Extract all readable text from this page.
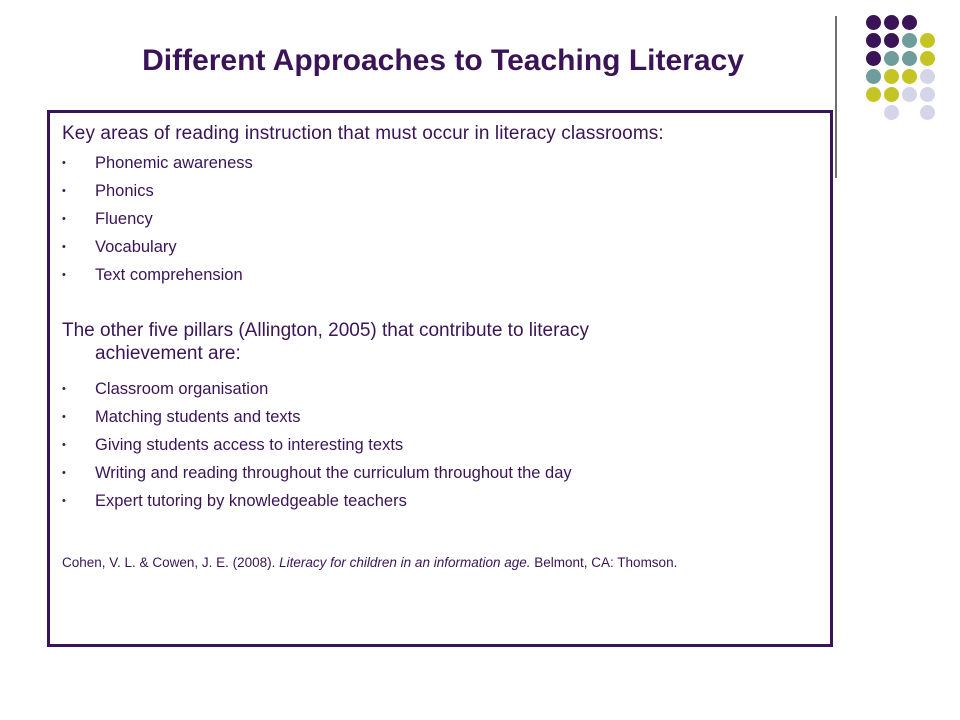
Different Approaches to Teaching Literacy
Key areas of reading instruction that must occur in literacy classrooms:
• Phonemic awareness
• Phonics
• Fluency
• Vocabulary
• Text comprehension
The other five pillars (Allington, 2005) that contribute to literacy
achievement are:
• Classroom organisation
• Matching students and texts
• Giving students access to interesting texts
• Writing and reading throughout the curriculum throughout the day
• Expert tutoring by knowledgeable teachers
Cohen, V. L. & Cowen, J. E. (2008). Literacy for children in an information age. Belmont, CA: Thomson.
